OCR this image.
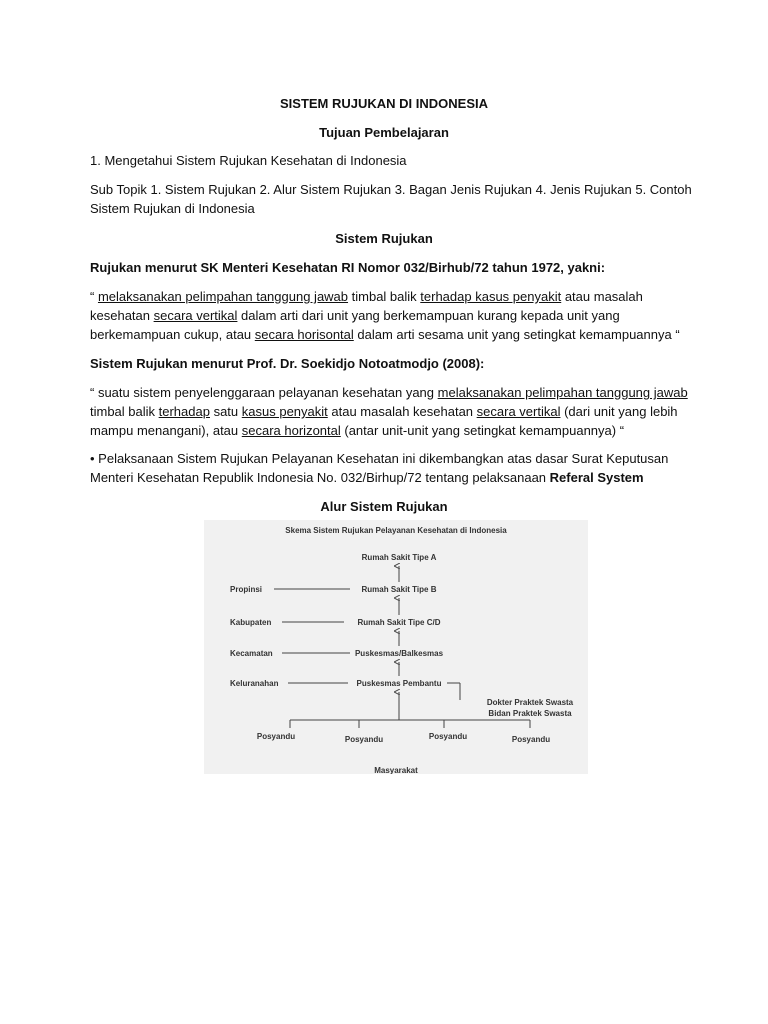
SISTEM RUJUKAN DI INDONESIA
Tujuan Pembelajaran
1. Mengetahui Sistem Rujukan Kesehatan di Indonesia
Sub Topik 1. Sistem Rujukan 2. Alur Sistem Rujukan 3. Bagan Jenis Rujukan 4. Jenis Rujukan 5. Contoh
Sistem Rujukan di Indonesia
Sistem Rujukan
Rujukan menurut SK Menteri Kesehatan RI Nomor 032/Birhub/72 tahun 1972, yakni:
“ melaksanakan pelimpahan tanggung jawab timbal balik terhadap kasus penyakit atau masalah
kesehatan secara vertikal dalam arti dari unit yang berkemampuan kurang kepada unit yang
berkemampuan cukup, atau secara horisontal dalam arti sesama unit yang setingkat kemampuannya “
Sistem Rujukan menurut Prof. Dr. Soekidjo Notoatmodjo (2008):
“ suatu sistem penyelenggaraan pelayanan kesehatan yang melaksanakan pelimpahan tanggung jawab
timbal balik terhadap satu kasus penyakit atau masalah kesehatan secara vertikal (dari unit yang lebih
mampu menangani), atau secara horizontal (antar unit-unit yang setingkat kemampuannya) “
• Pelaksanaan Sistem Rujukan Pelayanan Kesehatan ini dikembangkan atas dasar Surat Keputusan
Menteri Kesehatan Republik Indonesia No. 032/Birhup/72 tentang pelaksanaan Referal System
Alur Sistem Rujukan
Skema Sistem Rujukan Pelayanan Kesehatan di Indonesia
Rumah Sakit Tipe A
Rumah Sakit Tipe B
Rumah Sakit Tipe C/D
Puskesmas/Balkesmas
Puskesmas Pembantu
Propinsi
Kabupaten
Kecamatan
Keluranahan
Dokter Praktek Swasta
Bidan Praktek Swasta
Posyandu	Posyandu	Posyandu	Posyandu
Masyarakat
